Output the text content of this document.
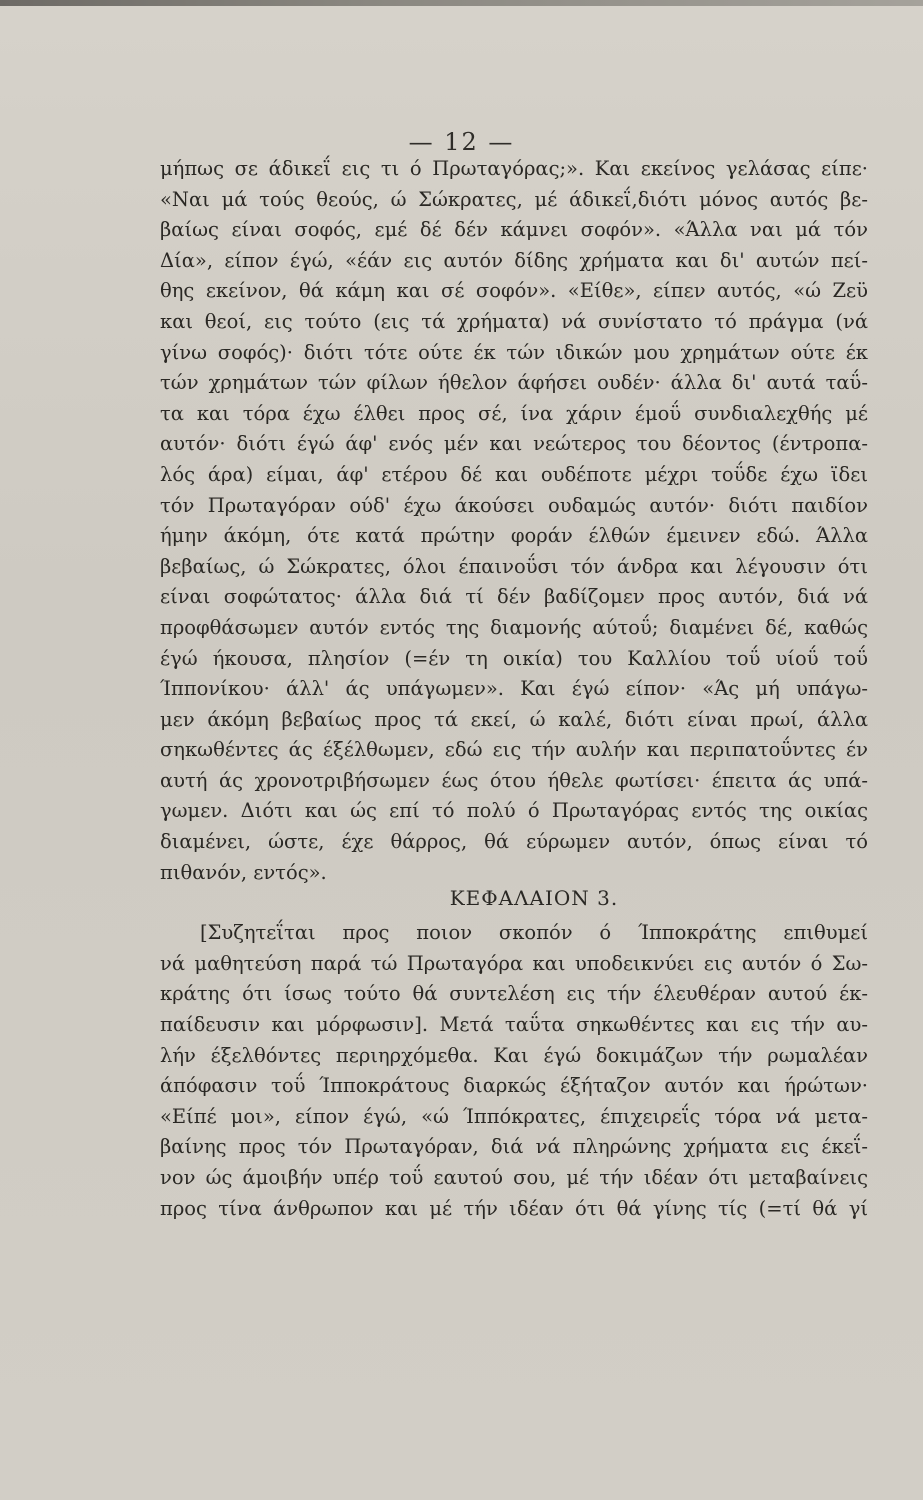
— 12 —
μήπως σε άδικεΐ εις τι ό Πρωταγόρας;». Και εκείνος γελάσας είπε·
«Ναι μά τούς θεούς, ώ Σώκρατες, μέ άδικεΐ,διότι μόνος αυτός βε-
βαίως είναι σοφός, εμέ δέ δέν κάμνει σοφόν». «Άλλα ναι μά τόν
Δία», είπον έγώ, «έάν εις αυτόν δίδης χρήματα και δι' αυτών πεί-
θης εκείνον, θά κάμη και σέ σοφόν». «Είθε», είπεν αυτός, «ώ Ζεϋ
και θεοί, εις τούτο (εις τά χρήματα) νά συνίστατο τό πράγμα (νά
γίνω σοφός)· διότι τότε ούτε έκ τών ιδικών μου χρημάτων ούτε έκ
τών χρημάτων τών φίλων ήθελον άφήσει ουδέν· άλλα δι' αυτά ταΰ-
τα και τόρα έχω έλθει προς σέ, ίνα χάριν έμοΰ συνδιαλεχθής μέ
αυτόν· διότι έγώ άφ' ενός μέν και νεώτερος του δέοντος (έντροπα-
λός άρα) είμαι, άφ' ετέρου δέ και ουδέποτε μέχρι τοΰδε έχω ϊδει
τόν Πρωταγόραν ούδ' έχω άκούσει ουδαμώς αυτόν· διότι παιδίον
ήμην άκόμη, ότε κατά πρώτην φοράν έλθών έμεινεν εδώ. Άλλα
βεβαίως, ώ Σώκρατες, όλοι έπαινοΰσι τόν άνδρα και λέγουσιν ότι
είναι σοφώτατος· άλλα διά τί δέν βαδίζομεν προς αυτόν, διά νά
προφθάσωμεν αυτόν εντός της διαμονής αύτοΰ; διαμένει δέ, καθώς
έγώ ήκουσα, πλησίον (=έν τη οικία) του Καλλίου τοΰ υίοΰ τοΰ
Ίππονίκου· άλλ' άς υπάγωμεν». Και έγώ είπον· «Άς μή υπάγω-
μεν άκόμη βεβαίως προς τά εκεί, ώ καλέ, διότι είναι πρωί, άλλα
σηκωθέντες άς έξέλθωμεν, εδώ εις τήν αυλήν και περιπατοΰντες έν
αυτή άς χρονοτριβήσωμεν έως ότου ήθελε φωτίσει· έπειτα άς υπά-
γωμεν. Διότι και ώς επί τό πολύ ό Πρωταγόρας εντός της οικίας
διαμένει, ώστε, έχε θάρρος, θά εύρωμεν αυτόν, όπως είναι τό
πιθανόν, εντός».
ΚΕΦΑΛΑΙΟΝ 3.
[Συζητεΐται προς ποιον σκοπόν ό Ίπποκράτης επιθυμεί
νά μαθητεύση παρά τώ Πρωταγόρα και υποδεικνύει εις αυτόν ό Σω-
κράτης ότι ίσως τούτο θά συντελέση εις τήν έλευθέραν αυτού έκ-
παίδευσιν και μόρφωσιν]. Μετά ταΰτα σηκωθέντες και εις τήν αυ-
λήν έξελθόντες περιηρχόμεθα. Και έγώ δοκιμάζων τήν ρωμαλέαν
άπόφασιν τοΰ Ίπποκράτους διαρκώς έξήταζον αυτόν και ήρώτων·
«Είπέ μοι», είπον έγώ, «ώ Ίππόκρατες, έπιχειρεΐς τόρα νά μετα-
βαίνης προς τόν Πρωταγόραν, διά νά πληρώνης χρήματα εις έκεΐ-
νον ώς άμοιβήν υπέρ τοΰ εαυτού σου, μέ τήν ιδέαν ότι μεταβαίνεις
προς τίνα άνθρωπον και μέ τήν ιδέαν ότι θά γίνης τίς (=τί θά γί
